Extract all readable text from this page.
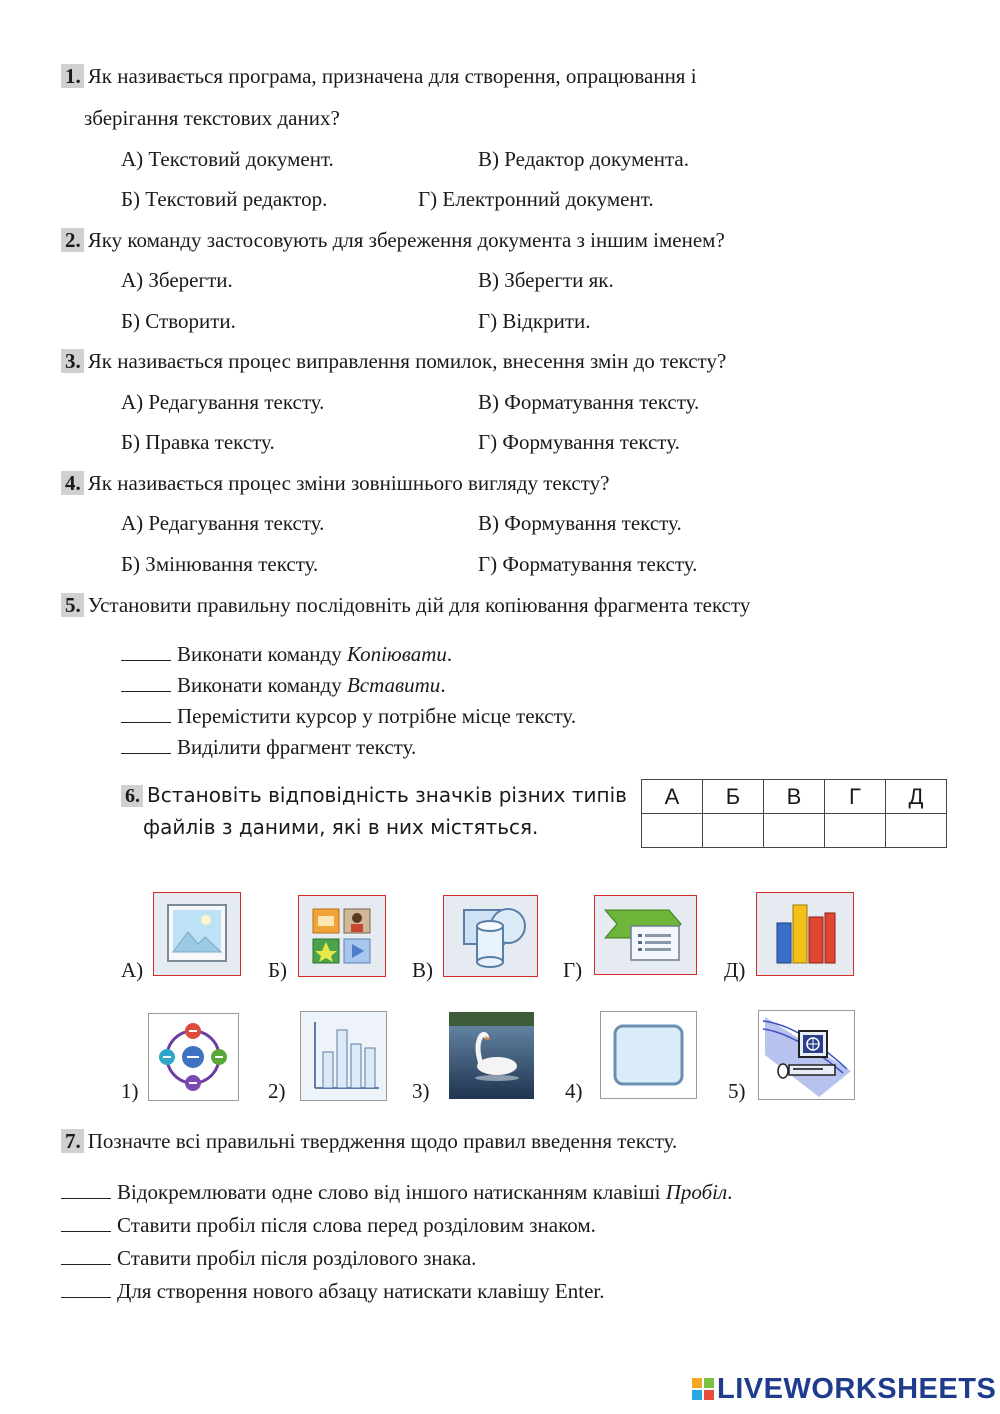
1. Як називається програма, призначена для створення, опрацювання і
зберігання текстових даних?
А) Текстовий документ.	В) Редактор документа.
Б) Текстовий редактор.	Г) Електронний документ.
2. Яку команду застосовують для збереження документа з іншим іменем?
А) Зберегти.	В) Зберегти як.
Б) Створити.	Г) Відкрити.
3. Як називається процес виправлення помилок, внесення змін до тексту?
А) Редагування тексту.	В) Форматування тексту.
Б) Правка тексту.	Г) Формування тексту.
4. Як називається процес зміни зовнішнього вигляду тексту?
А) Редагування тексту.	В) Формування тексту.
Б) Змінювання тексту.	Г) Форматування тексту.
5. Установити правильну послідовніть дій для копіювання фрагмента тексту
Виконати команду Копіювати.
Виконати команду Вставити.
Перемістити курсор у потрібне місце тексту.
Виділити фрагмент тексту.
6. Встановіть відповідність значків різних типів
файлів з даними, які в них містяться.
А	Б	В	Г	Д

А)	Б)	В)	Г)	Д)
1)	2)	3)	4)	5)
7. Позначте всі правильні твердження щодо правил введення тексту.
Відокремлювати одне слово від іншого натисканням клавіші Пробіл.
Ставити пробіл після слова перед розділовим знаком.
Ставити пробіл після розділового знака.
Для створення нового абзацу натискати клавішу Enter.
LIVEWORKSHEETS
